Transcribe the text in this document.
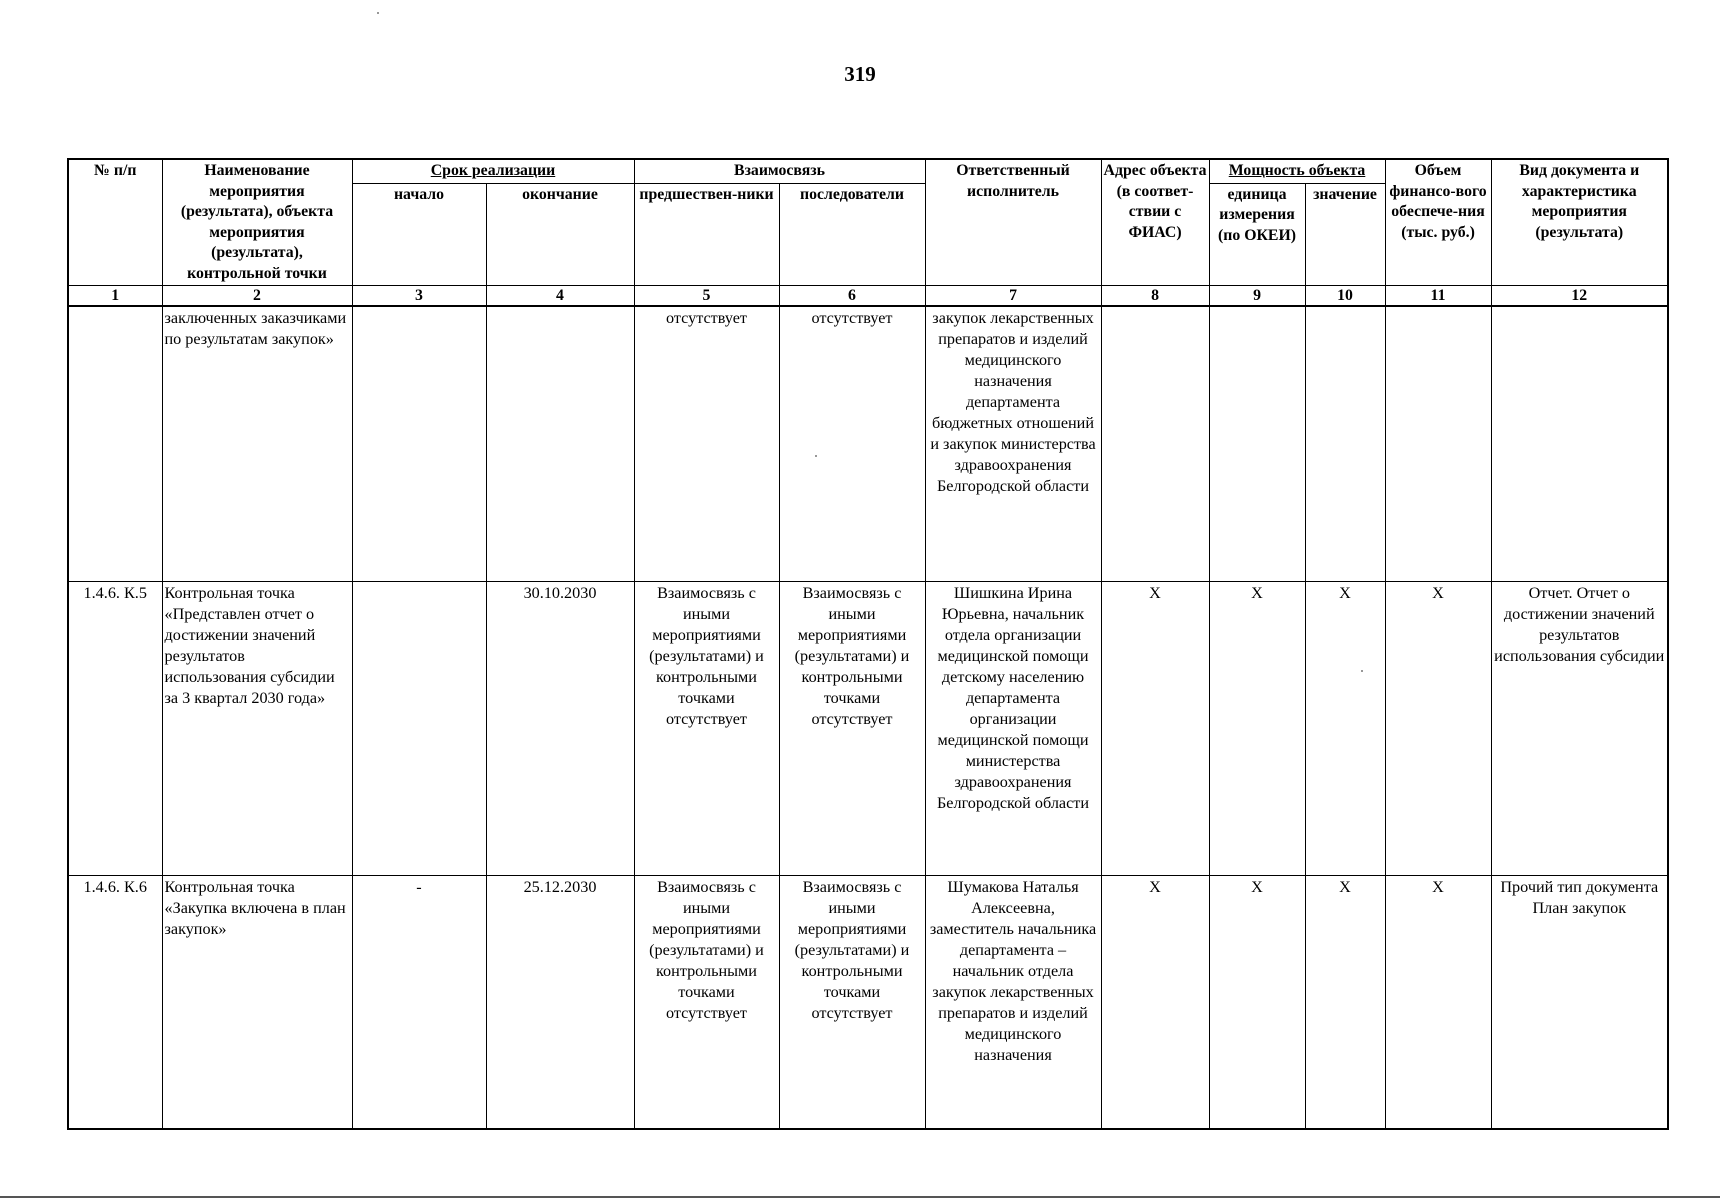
319
№ п/п	Наименование мероприятия (результата), объекта мероприятия (результата), контрольной точки	Срок реализации		Взаимосвязь		Ответственный исполнитель	Адрес объекта (в соответ-ствии с ФИАС)	Мощность объекта		Объем финансо-вого обеспече-ния (тыс. руб.)	Вид документа и характеристика мероприятия (результата)
		начало	окончание	предшествен-ники	последователи			единица измерения (по ОКЕИ)	значение		
1	2	3	4	5	6	7	8	9	10	11	12
	заключенных заказчиками по результатам закупок»			отсутствует	отсутствует	закупок лекарственных препаратов и изделий медицинского назначения департамента бюджетных отношений и закупок министерства здравоохранения Белгородской области					
1.4.6. К.5	Контрольная точка «Представлен отчет о достижении значений результатов использования субсидии за 3 квартал 2030 года»		30.10.2030	Взаимосвязь с иными мероприятиями (результатами) и контрольными точками отсутствует	Взаимосвязь с иными мероприятиями (результатами) и контрольными точками отсутствует	Шишкина Ирина Юрьевна, начальник отдела организации медицинской помощи детскому населению департамента организации медицинской помощи министерства здравоохранения Белгородской области	Х	Х	Х	Х	Отчет. Отчет о достижении значений результатов использования субсидии
1.4.6. К.6	Контрольная точка «Закупка включена в план закупок»	-	25.12.2030	Взаимосвязь с иными мероприятиями (результатами) и контрольными точками отсутствует	Взаимосвязь с иными мероприятиями (результатами) и контрольными точками отсутствует	Шумакова Наталья Алексеевна, заместитель начальника департамента – начальник отдела закупок лекарственных препаратов и изделий медицинского назначения	Х	Х	Х	Х	Прочий тип документа План закупок
